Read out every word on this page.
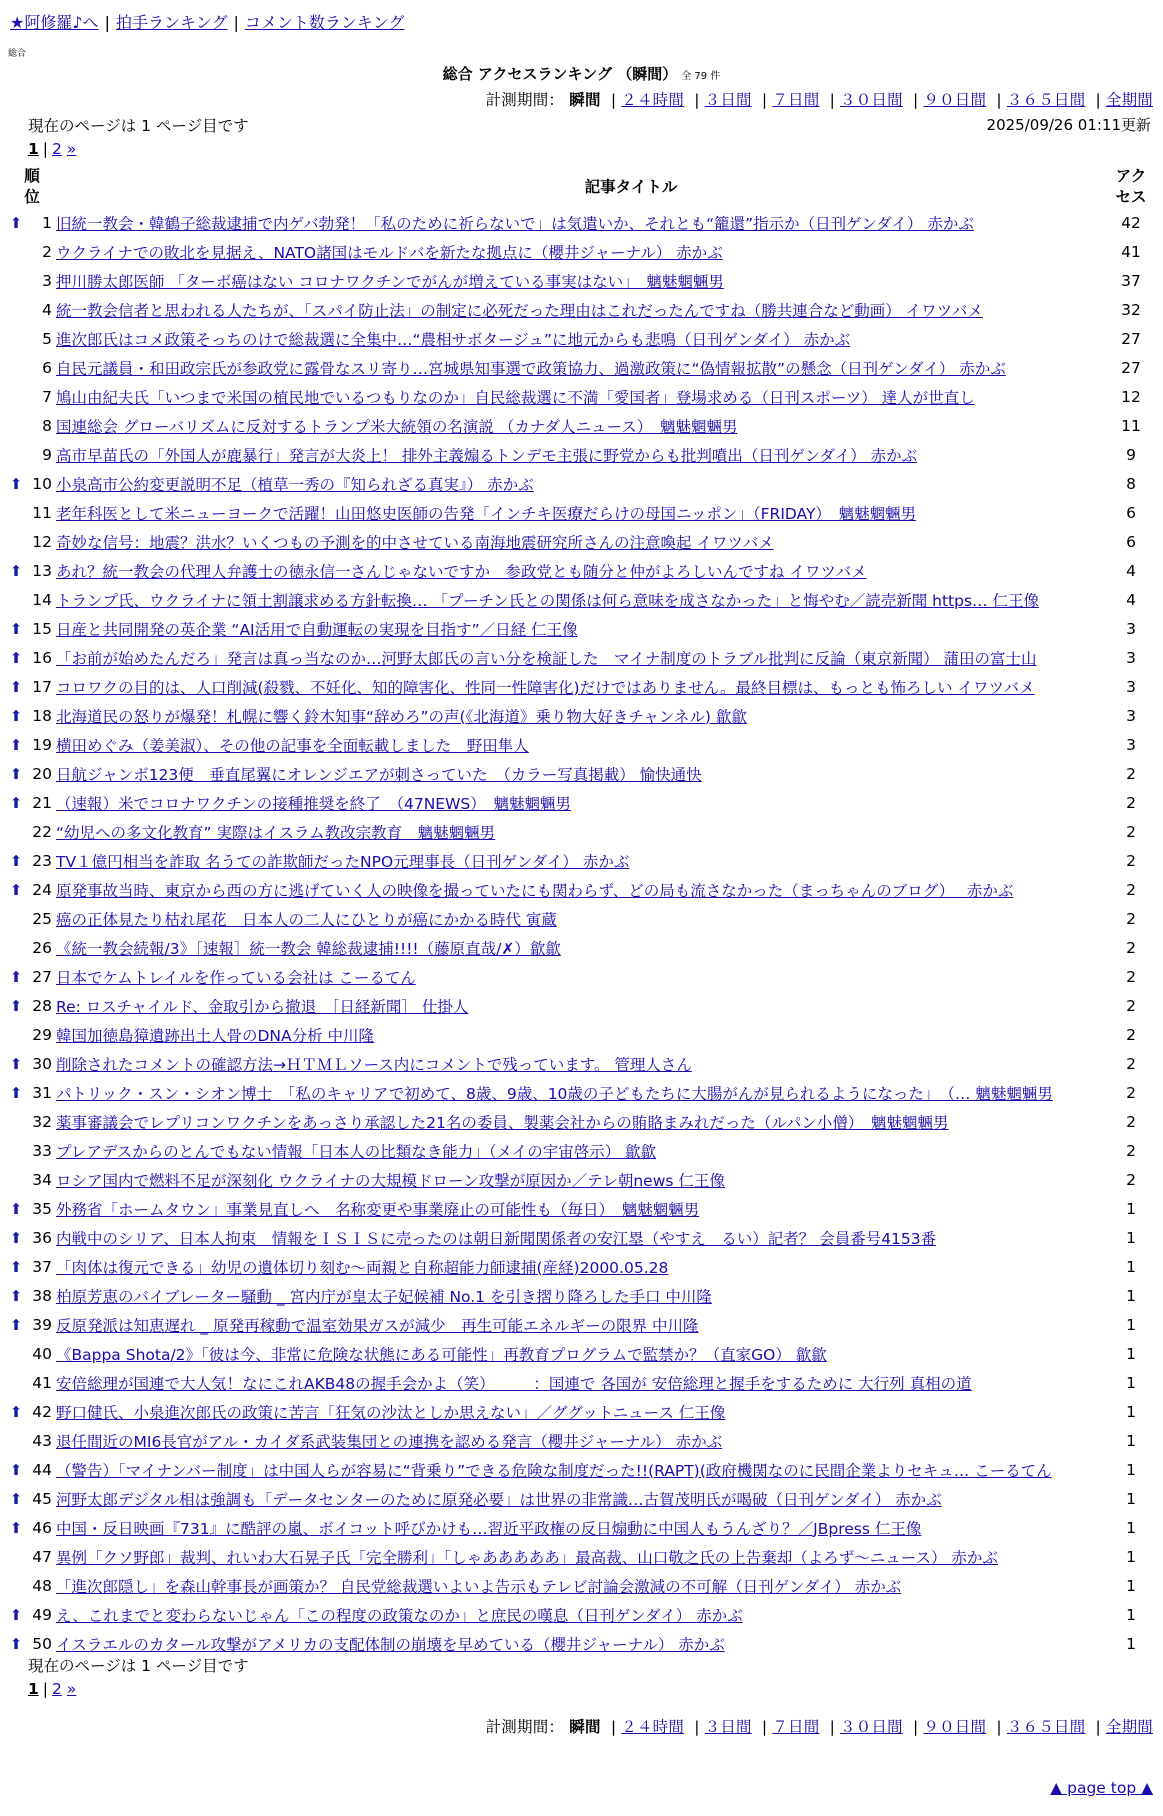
★阿修羅♪へ | 拍手ランキング | コメント数ランキング
総合
総合 アクセスランキング （瞬間） 全 79 件
計測期間： 瞬間 | ２４時間 | ３日間 | ７日間 | ３０日間 | ９０日間 | ３６５日間 | 全期間
現在のページは 1 ページ目です	2025/09/26 01:11更新
1 | 2 »
順位		記事タイトル	アクセス
⬆	1	旧統一教会・韓鶴子総裁逮捕で内ゲバ勃発！「私のために祈らないで」は気遣いか、それとも“籠還”指示か（日刊ゲンダイ） 赤かぶ	42
	2	ウクライナでの敗北を見据え、NATO諸国はモルドバを新たな拠点に（櫻井ジャーナル） 赤かぶ	41
	3	押川勝太郎医師 「ターボ癌はない コロナワクチンでがんが増えている事実はない」　魑魅魍魎男	37
	4	統一教会信者と思われる人たちが、「スパイ防止法」の制定に必死だった理由はこれだったんですね（勝共連合など動画） イワツバメ	32
	5	進次郎氏はコメ政策そっちのけで総裁選に全集中…“農相サボタージュ”に地元からも悲鳴（日刊ゲンダイ） 赤かぶ	27
	6	自民元議員・和田政宗氏が参政党に露骨なスリ寄り…宮城県知事選で政策協力、過激政策に“偽情報拡散”の懸念（日刊ゲンダイ） 赤かぶ	27
	7	鳩山由紀夫氏「いつまで米国の植民地でいるつもりなのか」自民総裁選に不満「愛国者」登場求める（日刊スポーツ） 達人が世直し	12
	8	国連総会 グローバリズムに反対するトランプ米大統領の名演説 （カナダ人ニュース）　魑魅魍魎男	11
	9	高市早苗氏の「外国人が鹿暴行」発言が大炎上！ 排外主義煽るトンデモ主張に野党からも批判噴出（日刊ゲンダイ） 赤かぶ	9
⬆	10	小泉高市公約変更説明不足（植草一秀の『知られざる真実』） 赤かぶ	8
	11	老年科医として米ニューヨークで活躍！山田悠史医師の告発「インチキ医療だらけの母国ニッポン」（FRIDAY）　魑魅魍魎男	6
	12	奇妙な信号：地震？洪水？いくつもの予測を的中させている南海地震研究所さんの注意喚起 イワツバメ	6
⬆	13	あれ？統一教会の代理人弁護士の徳永信一さんじゃないですか　参政党とも随分と仲がよろしいんですね イワツバメ	4
	14	トランプ氏、ウクライナに領土割譲求める方針転換… 「プーチン氏との関係は何ら意味を成さなかった」と悔やむ／読売新聞 https… 仁王像	4
⬆	15	日産と共同開発の英企業 “AI活用で自動運転の実現を目指す”／日経 仁王像	3
⬆	16	「お前が始めたんだろ」発言は真っ当なのか…河野太郎氏の言い分を検証した　マイナ制度のトラブル批判に反論（東京新聞） 蒲田の富士山	3
⬆	17	コロワクの目的は、人口削減(殺戮、不妊化、知的障害化、性同一性障害化)だけではありません。最終目標は、もっとも怖ろしい イワツバメ	3
⬆	18	北海道民の怒りが爆発！札幌に響く鈴木知事“辞めろ”の声(《北海道》乗り物大好きチャンネル) 歙歙	3
⬆	19	横田めぐみ（姜美淑）、その他の記事を全面転載しました　野田隼人	3
⬆	20	日航ジャンボ123便　垂直尾翼にオレンジエアが刺さっていた　（カラー写真掲載） 愉快通快	2
⬆	21	（速報）米でコロナワクチンの接種推奨を終了　（47NEWS）　魑魅魍魎男	2
	22	“幼児への多文化教育” 実際はイスラム教改宗教育　魑魅魍魎男	2
⬆	23	TV１億円相当を詐取 名うての詐欺師だったNPO元理事長（日刊ゲンダイ） 赤かぶ	2
⬆	24	原発事故当時、東京から西の方に逃げていく人の映像を撮っていたにも関わらず、どの局も流さなかった（まっちゃんのブログ）　 赤かぶ	2
	25	癌の正体見たり枯れ尾花　日本人の二人にひとりが癌にかかる時代 寅蔵	2
	26	《統一教会続報/3》［速報］統一教会 韓総裁逮捕!!!!（藤原直哉/✗）歙歙	2
⬆	27	日本でケムトレイルを作っている会社は こーるてん	2
⬆	28	Re: ロスチャイルド、金取引から撤退　［日経新聞］ 仕掛人	2
	29	韓国加徳島獐遺跡出土人骨のDNA分析 中川隆	2
⬆	30	削除されたコメントの確認方法→ＨＴＭＬソース内にコメントで残っています。 管理人さん	2
⬆	31	パトリック・スン・シオン博士　「私のキャリアで初めて、8歳、9歳、10歳の子どもたちに大腸がんが見られるようになった」　（… 魑魅魍魎男	2
	32	薬事審議会でレプリコンワクチンをあっさり承認した21名の委員、製薬会社からの賄賂まみれだった（ルパン小僧）　魑魅魍魎男	2
	33	プレアデスからのとんでもない情報「日本人の比類なき能力」（メイの宇宙啓示） 歙歙	2
	34	ロシア国内で燃料不足が深刻化 ウクライナの大規模ドローン攻撃が原因か／テレ朝news 仁王像	2
⬆	35	外務省「ホームタウン」事業見直しへ　名称変更や事業廃止の可能性も（毎日）　魑魅魍魎男	1
⬆	36	内戦中のシリア、日本人拘束　情報をＩＳＩＳに売ったのは朝日新聞関係者の安江塁（やすえ　るい）記者？ 会員番号4153番	1
⬆	37	「肉体は復元できる」幼児の遺体切り刻む〜両親と自称超能力師逮捕(産経)2000.05.28	1
⬆	38	柏原芳恵のバイブレーター騒動 _ 宮内庁が皇太子妃候補 No.1 を引き摺り降ろした手口 中川隆	1
⬆	39	反原発派は知恵遅れ _ 原発再稼動で温室効果ガスが減少　再生可能エネルギーの限界 中川隆	1
	40	《Bappa Shota/2》「彼は今、非常に危険な状態にある可能性」再教育プログラムで監禁か？（直家GO） 歙歙	1
	41	安倍総理が国連で大人気！なにこれAKB48の握手会かよ（笑）　　　：国連で 各国が 安倍総理と握手をするために 大行列 真相の道	1
⬆	42	野口健氏、小泉進次郎氏の政策に苦言「狂気の沙汰としか思えない」／ググットニュース 仁王像	1
	43	退任間近のMI6長官がアル・カイダ系武装集団との連携を認める発言（櫻井ジャーナル） 赤かぶ	1
⬆	44	（警告）「マイナンバー制度」は中国人らが容易に“背乗り”できる危険な制度だった!!(RAPT)(政府機関なのに民間企業よりセキュ… こーるてん	1
⬆	45	河野太郎デジタル相は強調も「データセンターのために原発必要」は世界の非常識…古賀茂明氏が喝破（日刊ゲンダイ） 赤かぶ	1
⬆	46	中国・反日映画『731』に酷評の嵐、ボイコット呼びかけも…習近平政権の反日煽動に中国人もうんざり？／JBpress 仁王像	1
	47	異例「クソ野郎」裁判、れいわ大石晃子氏「完全勝利」「しゃあああああ」最高裁、山口敬之氏の上告棄却（よろず〜ニュース） 赤かぶ	1
	48	「進次郎隠し」を森山幹事長が画策か？ 自民党総裁選いよいよ告示もテレビ討論会激減の不可解（日刊ゲンダイ） 赤かぶ	1
⬆	49	え、これまでと変わらないじゃん「この程度の政策なのか」と庶民の嘆息（日刊ゲンダイ） 赤かぶ	1
⬆	50	イスラエルのカタール攻撃がアメリカの支配体制の崩壊を早めている（櫻井ジャーナル） 赤かぶ	1
現在のページは 1 ページ目です
1 | 2 »
計測期間： 瞬間 | ２４時間 | ３日間 | ７日間 | ３０日間 | ９０日間 | ３６５日間 | 全期間
▲ page top ▲
